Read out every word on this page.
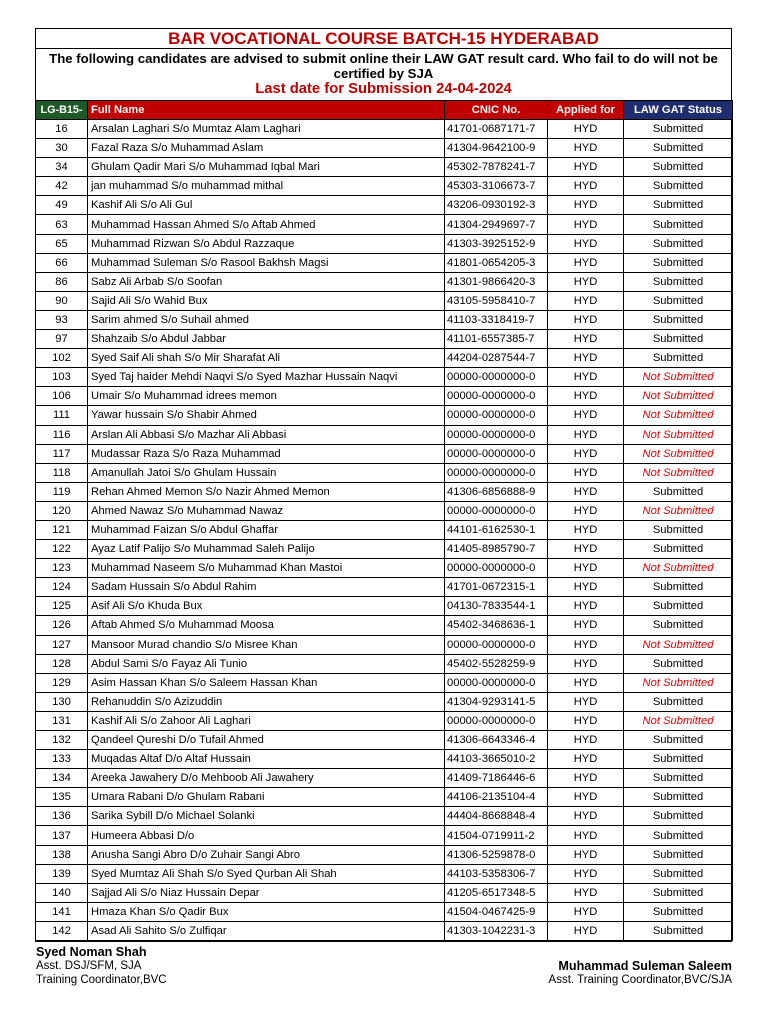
BAR VOCATIONAL COURSE BATCH-15 HYDERABAD
The following candidates are advised to submit online their LAW GAT result card. Who fail to do will not be certified by SJA
Last date for Submission 24-04-2024
LG-B15-	Full Name	CNIC No.	Applied for	LAW GAT Status
16	Arsalan Laghari S/o Mumtaz Alam Laghari	41701-0687171-7	HYD	Submitted
30	Fazal Raza S/o Muhammad Aslam	41304-9642100-9	HYD	Submitted
34	Ghulam Qadir Mari S/o Muhammad Iqbal Mari	45302-7878241-7	HYD	Submitted
42	jan muhammad S/o muhammad mithal	45303-3106673-7	HYD	Submitted
49	Kashif Ali S/o Ali Gul	43206-0930192-3	HYD	Submitted
63	Muhammad Hassan Ahmed S/o Aftab Ahmed	41304-2949697-7	HYD	Submitted
65	Muhammad Rizwan S/o Abdul Razzaque	41303-3925152-9	HYD	Submitted
66	Muhammad Suleman S/o Rasool Bakhsh Magsi	41801-0654205-3	HYD	Submitted
86	Sabz Ali Arbab S/o Soofan	41301-9866420-3	HYD	Submitted
90	Sajid Ali S/o Wahid Bux	43105-5958410-7	HYD	Submitted
93	Sarim ahmed S/o Suhail ahmed	41103-3318419-7	HYD	Submitted
97	Shahzaib S/o Abdul Jabbar	41101-6557385-7	HYD	Submitted
102	Syed Saif Ali shah S/o Mir Sharafat Ali	44204-0287544-7	HYD	Submitted
103	Syed Taj haider Mehdi Naqvi S/o Syed Mazhar Hussain Naqvi	00000-0000000-0	HYD	Not Submitted
106	Umair S/o Muhammad idrees memon	00000-0000000-0	HYD	Not Submitted
111	Yawar hussain S/o Shabir Ahmed	00000-0000000-0	HYD	Not Submitted
116	Arslan Ali Abbasi S/o Mazhar Ali Abbasi	00000-0000000-0	HYD	Not Submitted
117	Mudassar Raza S/o Raza Muhammad	00000-0000000-0	HYD	Not Submitted
118	Amanullah Jatoi S/o Ghulam Hussain	00000-0000000-0	HYD	Not Submitted
119	Rehan Ahmed Memon S/o Nazir Ahmed Memon	41306-6856888-9	HYD	Submitted
120	Ahmed Nawaz S/o Muhammad Nawaz	00000-0000000-0	HYD	Not Submitted
121	Muhammad Faizan S/o Abdul Ghaffar	44101-6162530-1	HYD	Submitted
122	Ayaz Latif Palijo S/o Muhammad Saleh Palijo	41405-8985790-7	HYD	Submitted
123	Muhammad Naseem S/o Muhammad Khan Mastoi	00000-0000000-0	HYD	Not Submitted
124	Sadam Hussain S/o Abdul Rahim	41701-0672315-1	HYD	Submitted
125	Asif Ali S/o Khuda Bux	04130-7833544-1	HYD	Submitted
126	Aftab Ahmed S/o Muhammad Moosa	45402-3468636-1	HYD	Submitted
127	Mansoor Murad chandio S/o Misree Khan	00000-0000000-0	HYD	Not Submitted
128	Abdul Sami S/o Fayaz Ali Tunio	45402-5528259-9	HYD	Submitted
129	Asim Hassan Khan S/o Saleem Hassan Khan	00000-0000000-0	HYD	Not Submitted
130	Rehanuddin S/o Azizuddin	41304-9293141-5	HYD	Submitted
131	Kashif Ali S/o Zahoor Ali Laghari	00000-0000000-0	HYD	Not Submitted
132	Qandeel Qureshi D/o Tufail Ahmed	41306-6643346-4	HYD	Submitted
133	Muqadas Altaf D/o Altaf Hussain	44103-3665010-2	HYD	Submitted
134	Areeka Jawahery D/o Mehboob Ali Jawahery	41409-7186446-6	HYD	Submitted
135	Umara Rabani D/o Ghulam Rabani	44106-2135104-4	HYD	Submitted
136	Sarika Sybill D/o Michael Solanki	44404-8668848-4	HYD	Submitted
137	Humeera Abbasi D/o	41504-0719911-2	HYD	Submitted
138	Anusha Sangi Abro D/o Zuhair Sangi Abro	41306-5259878-0	HYD	Submitted
139	Syed Mumtaz Ali Shah S/o Syed Qurban Ali Shah	44103-5358306-7	HYD	Submitted
140	Sajjad Ali S/o Niaz Hussain Depar	41205-6517348-5	HYD	Submitted
141	Hmaza Khan S/o Qadir Bux	41504-0467425-9	HYD	Submitted
142	Asad Ali Sahito S/o Zulfiqar	41303-1042231-3	HYD	Submitted
Syed Noman Shah
Asst. DSJ/SFM, SJA
Training Coordinator,BVC
Muhammad Suleman Saleem
Asst. Training Coordinator,BVC/SJA
